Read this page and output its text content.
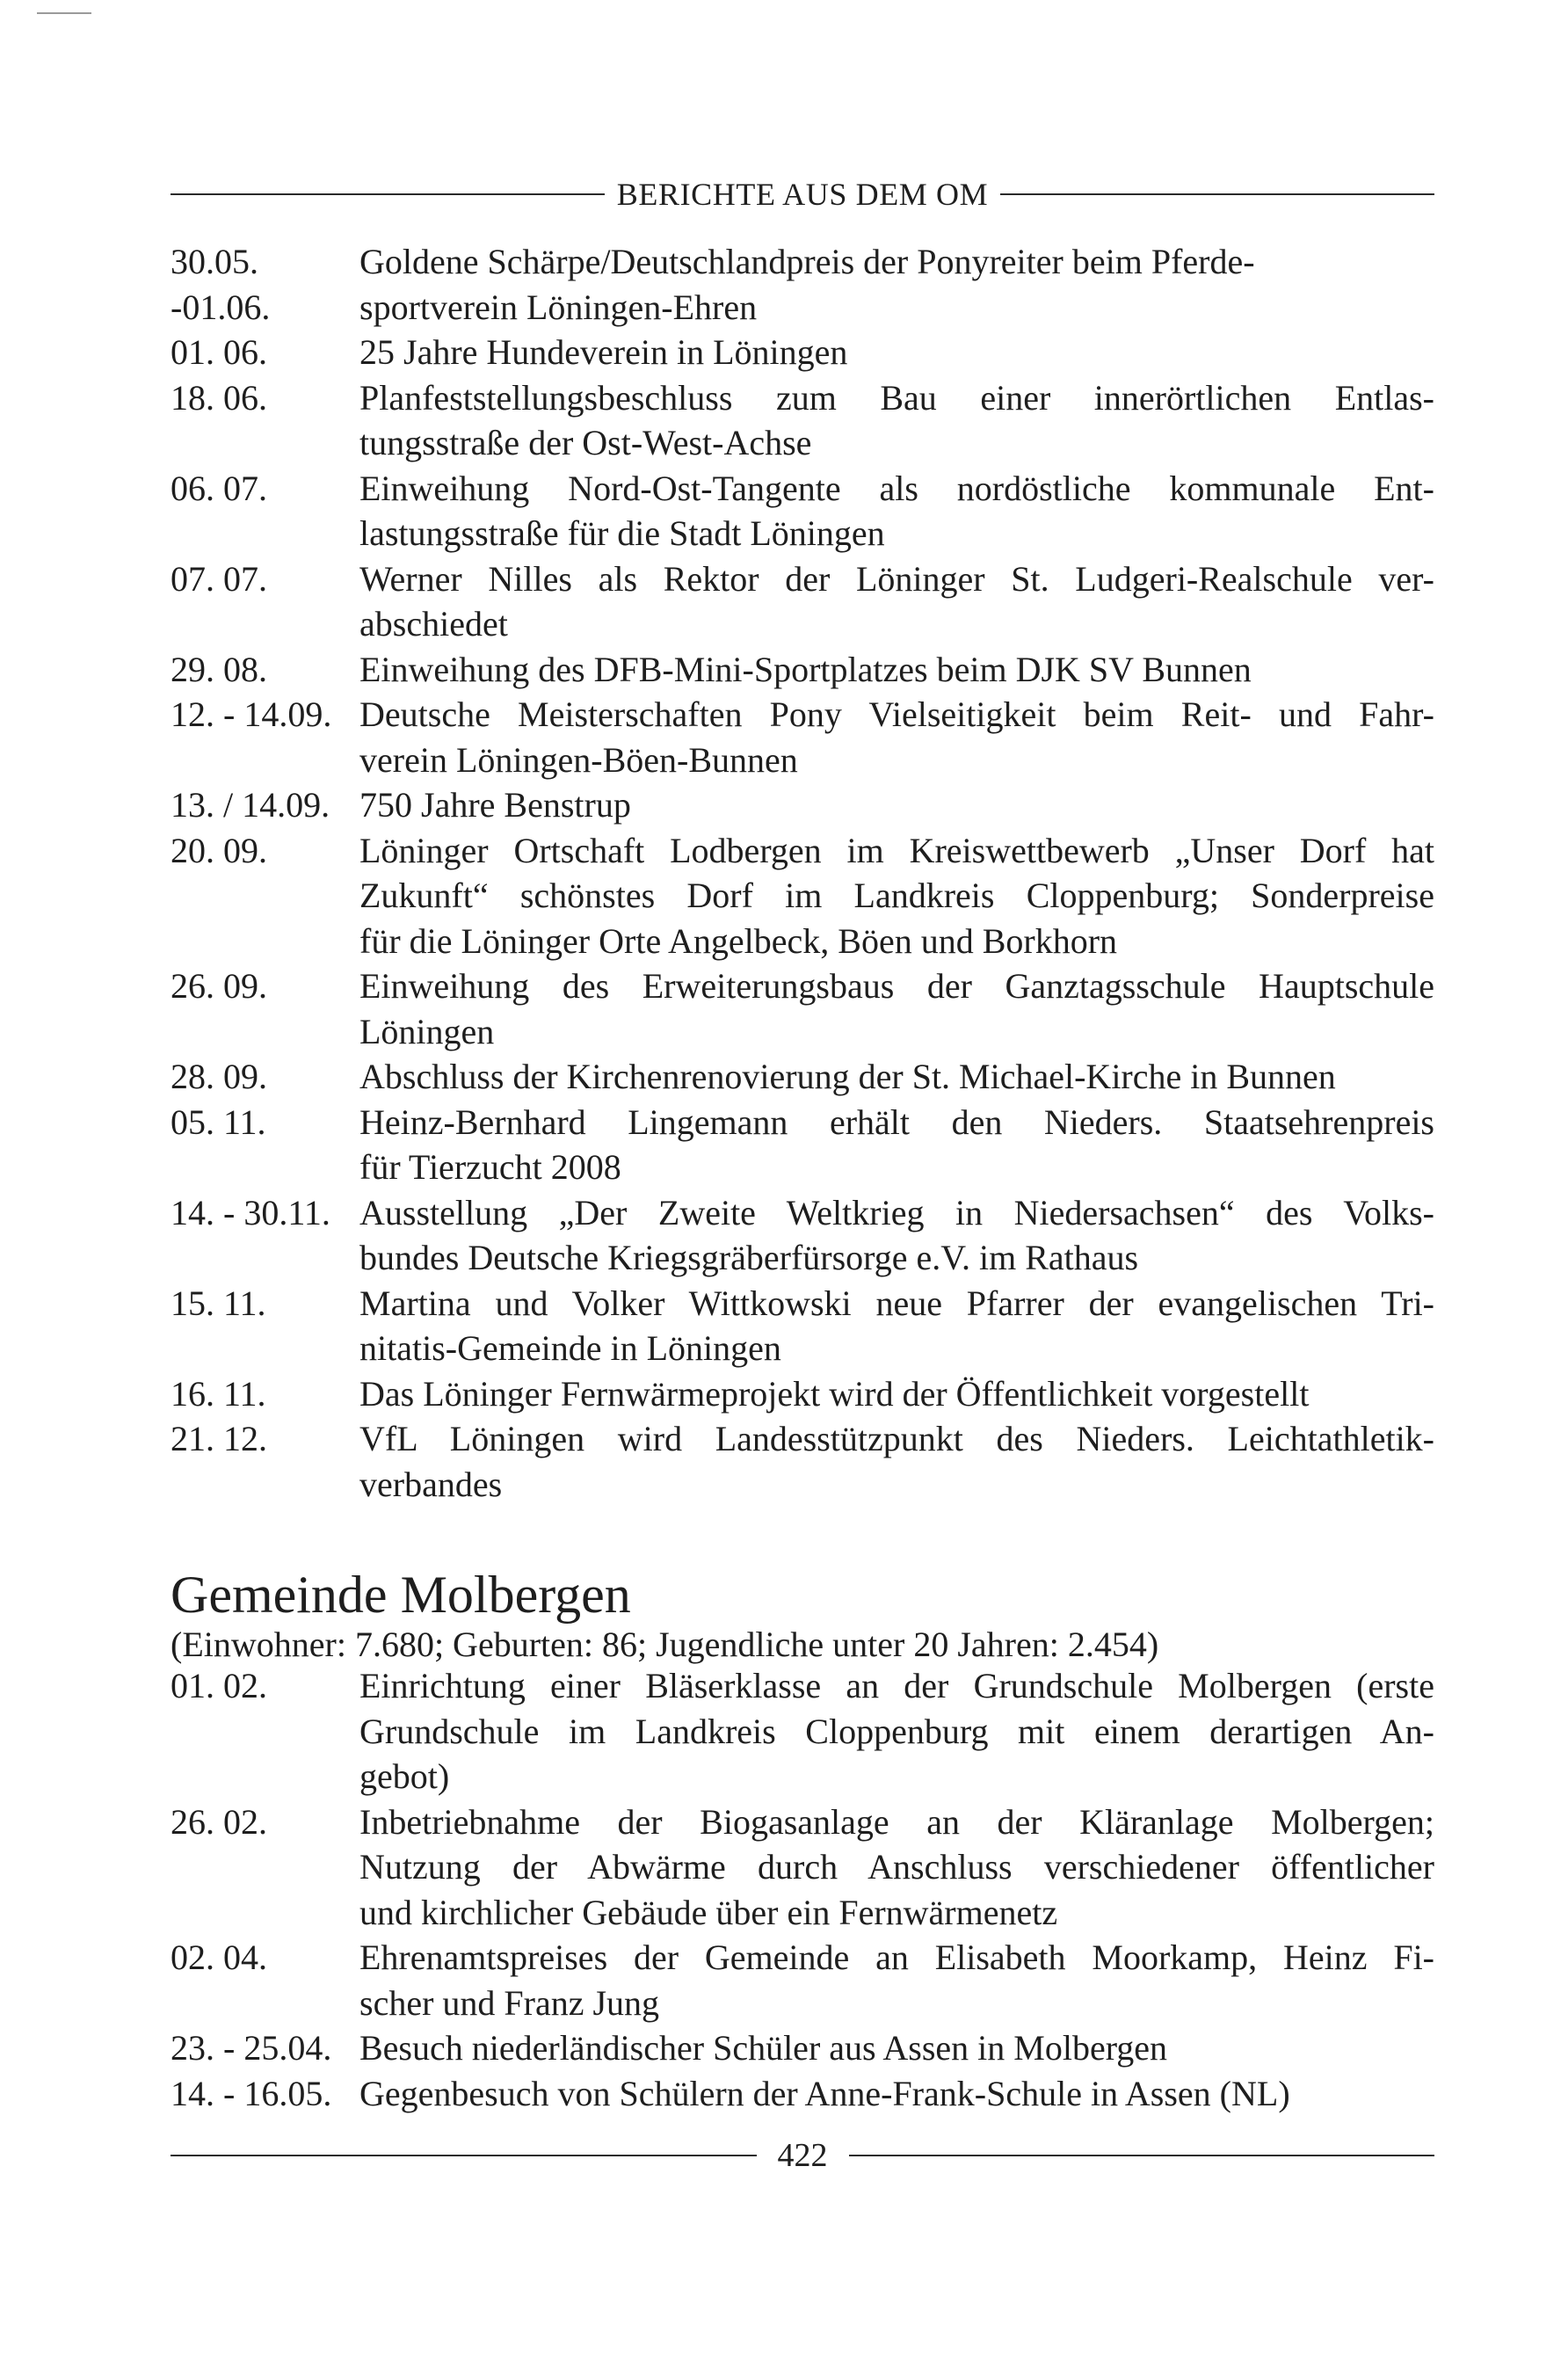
BERICHTE AUS DEM OM
30.05.	Goldene Schärpe/Deutschlandpreis der Ponyreiter beim Pferde-
-01.06.	sportverein Löningen-Ehren
01. 06.	25 Jahre Hundeverein in Löningen
18. 06.	Planfeststellungsbeschluss zum Bau einer innerörtlichen Entlas-
tungsstraße der Ost-West-Achse
06. 07.	Einweihung Nord-Ost-Tangente als nordöstliche kommunale Ent-
lastungsstraße für die Stadt Löningen
07. 07.	Werner Nilles als Rektor der Löninger St. Ludgeri-Realschule ver-
abschiedet
29. 08.	Einweihung des DFB-Mini-Sportplatzes beim DJK SV Bunnen
12. - 14.09. Deutsche Meisterschaften Pony Vielseitigkeit beim Reit- und Fahr-
verein Löningen-Böen-Bunnen
13. / 14.09. 750 Jahre Benstrup
20. 09.	Löninger Ortschaft Lodbergen im Kreiswettbewerb „Unser Dorf hat
Zukunft“ schönstes Dorf im Landkreis Cloppenburg; Sonderpreise
für die Löninger Orte Angelbeck, Böen und Borkhorn
26. 09.	Einweihung des Erweiterungsbaus der Ganztagsschule Hauptschule
Löningen
28. 09.	Abschluss der Kirchenrenovierung der St. Michael-Kirche in Bunnen
05. 11.	Heinz-Bernhard Lingemann erhält den Nieders. Staatsehrenpreis
für Tierzucht 2008
14. - 30.11. Ausstellung „Der Zweite Weltkrieg in Niedersachsen“ des Volks-
bundes Deutsche Kriegsgräberfürsorge e.V. im Rathaus
15. 11.	Martina und Volker Wittkowski neue Pfarrer der evangelischen Tri-
nitatis-Gemeinde in Löningen
16. 11.	Das Löninger Fernwärmeprojekt wird der Öffentlichkeit vorgestellt
21. 12.	VfL Löningen wird Landesstützpunkt des Nieders. Leichtathletik-
verbandes
Gemeinde Molbergen
(Einwohner: 7.680; Geburten: 86; Jugendliche unter 20 Jahren: 2.454)
01. 02.	Einrichtung einer Bläserklasse an der Grundschule Molbergen (erste
Grundschule im Landkreis Cloppenburg mit einem derartigen An-
gebot)
26. 02.	Inbetriebnahme der Biogasanlage an der Kläranlage Molbergen;
Nutzung der Abwärme durch Anschluss verschiedener öffentlicher
und kirchlicher Gebäude über ein Fernwärmenetz
02. 04.	Ehrenamtspreises der Gemeinde an Elisabeth Moorkamp, Heinz Fi-
scher und Franz Jung
23. - 25.04. Besuch niederländischer Schüler aus Assen in Molbergen
14. - 16.05. Gegenbesuch von Schülern der Anne-Frank-Schule in Assen (NL)
422
